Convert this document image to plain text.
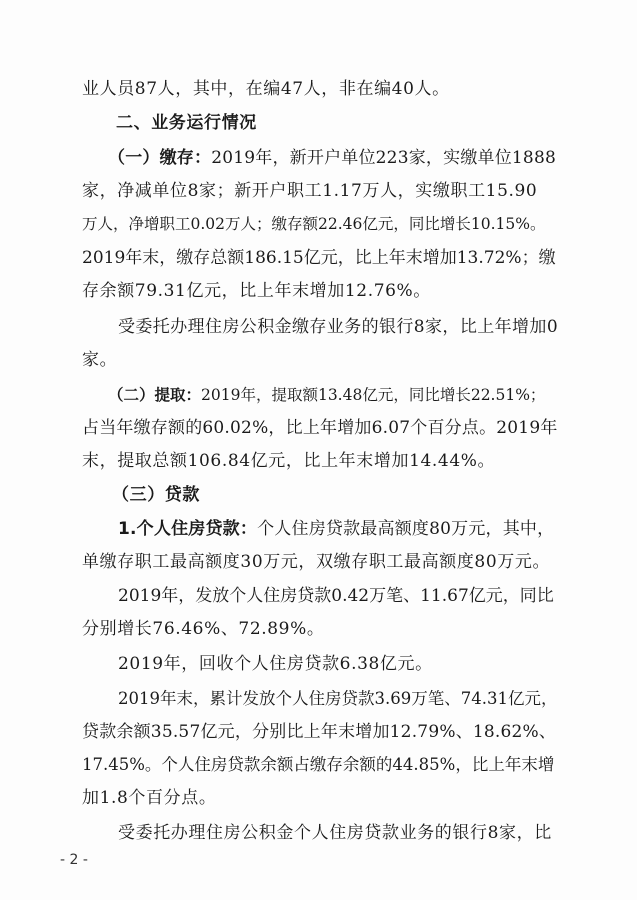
业人员87人，其中，在编47人，非在编40人。
二、业务运行情况
（一）缴存：2019年，新开户单位223家，实缴单位1888
家，净减单位8家；新开户职工1.17万人，实缴职工15.90
万人，净增职工0.02万人；缴存额22.46亿元，同比增长10.15%。
2019年末，缴存总额186.15亿元，比上年末增加13.72%；缴
存余额79.31亿元，比上年末增加12.76%。
受委托办理住房公积金缴存业务的银行8家，比上年增加0
家。
（二）提取：2019年，提取额13.48亿元，同比增长22.51%；
占当年缴存额的60.02%，比上年增加6.07个百分点。2019年
末，提取总额106.84亿元，比上年末增加14.44%。
（三）贷款
1.个人住房贷款：个人住房贷款最高额度80万元，其中，
单缴存职工最高额度30万元，双缴存职工最高额度80万元。
2019年，发放个人住房贷款0.42万笔、11.67亿元，同比
分别增长76.46%、72.89%。
2019年，回收个人住房贷款6.38亿元。
2019年末，累计发放个人住房贷款3.69万笔、74.31亿元，
贷款余额35.57亿元，分别比上年末增加12.79%、18.62%、
17.45%。个人住房贷款余额占缴存余额的44.85%，比上年末增
加1.8个百分点。
受委托办理住房公积金个人住房贷款业务的银行8家，比
- 2 -
